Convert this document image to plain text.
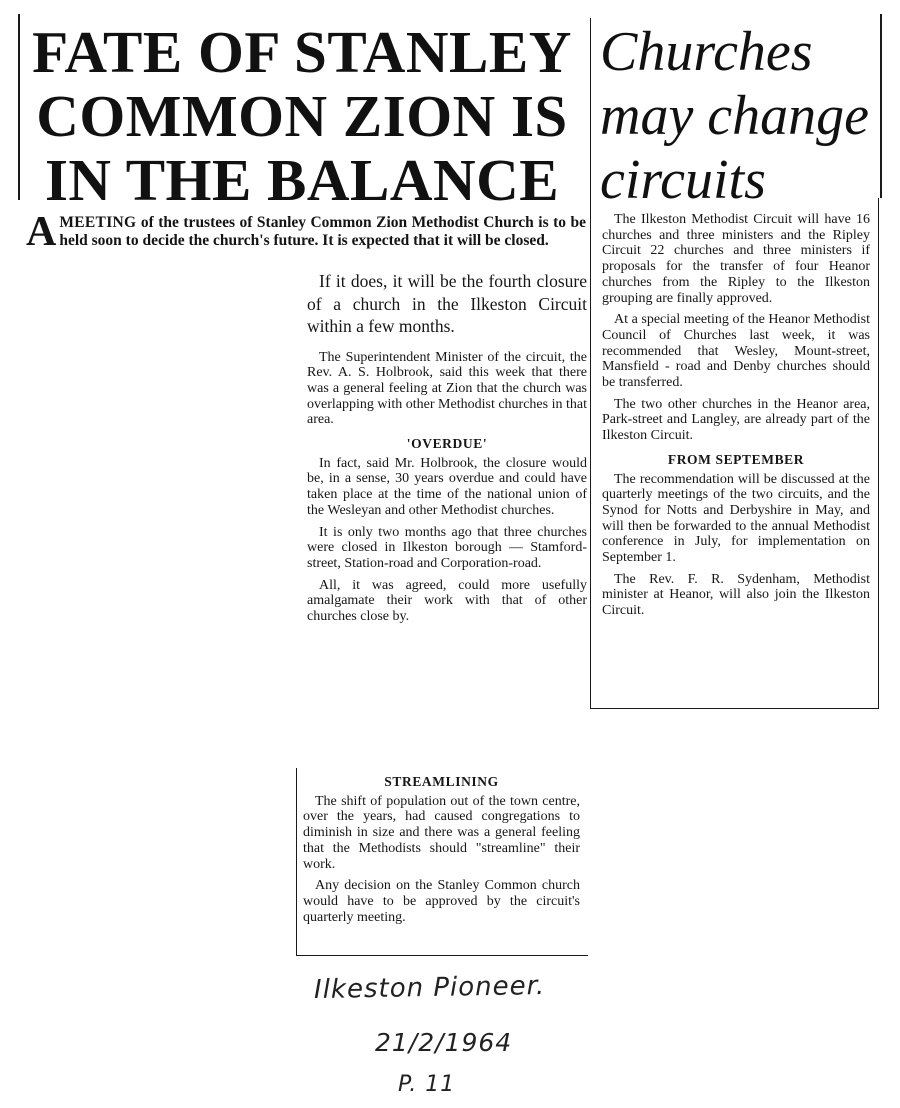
FATE OF STANLEY
COMMON ZION IS
IN THE BALANCE
Churches
may change
circuits
AMEETING of the trustees of Stanley Common Zion Methodist Church is to be held soon to decide the church's future. It is expected that it will be closed.

If it does, it will be the fourth closure of a church in the Ilkeston Circuit within a few months.

The Superintendent Minister of the circuit, the Rev. A. S. Holbrook, said this week that there was a general feeling at Zion that the church was overlapping with other Methodist churches in that area.

'OVERDUE'

In fact, said Mr. Holbrook, the closure would be, in a sense, 30 years overdue and could have taken place at the time of the national union of the Wesleyan and other Methodist churches.

It is only two months ago that three churches were closed in Ilkeston borough — Stamford-street, Station-road and Corporation-road.

All, it was agreed, could more usefully amalgamate their work with that of other churches close by.

STREAMLINING

The shift of population out of the town centre, over the years, had caused congregations to diminish in size and there was a general feeling that the Methodists should "streamline" their work.

Any decision on the Stanley Common church would have to be approved by the circuit's quarterly meeting.

The Ilkeston Methodist Circuit will have 16 churches and three ministers and the Ripley Circuit 22 churches and three ministers if proposals for the transfer of four Heanor churches from the Ripley to the Ilkeston grouping are finally approved.

At a special meeting of the Heanor Methodist Council of Churches last week, it was recommended that Wesley, Mount-street, Mansfield - road and Denby churches should be transferred.

The two other churches in the Heanor area, Park-street and Langley, are already part of the Ilkeston Circuit.

FROM SEPTEMBER

The recommendation will be discussed at the quarterly meetings of the two circuits, and the Synod for Notts and Derbyshire in May, and will then be forwarded to the annual Methodist conference in July, for implementation on September 1.

The Rev. F. R. Sydenham, Methodist minister at Heanor, will also join the Ilkeston Circuit.

Ilkeston Pioneer.
21/2/1964
P. 11
